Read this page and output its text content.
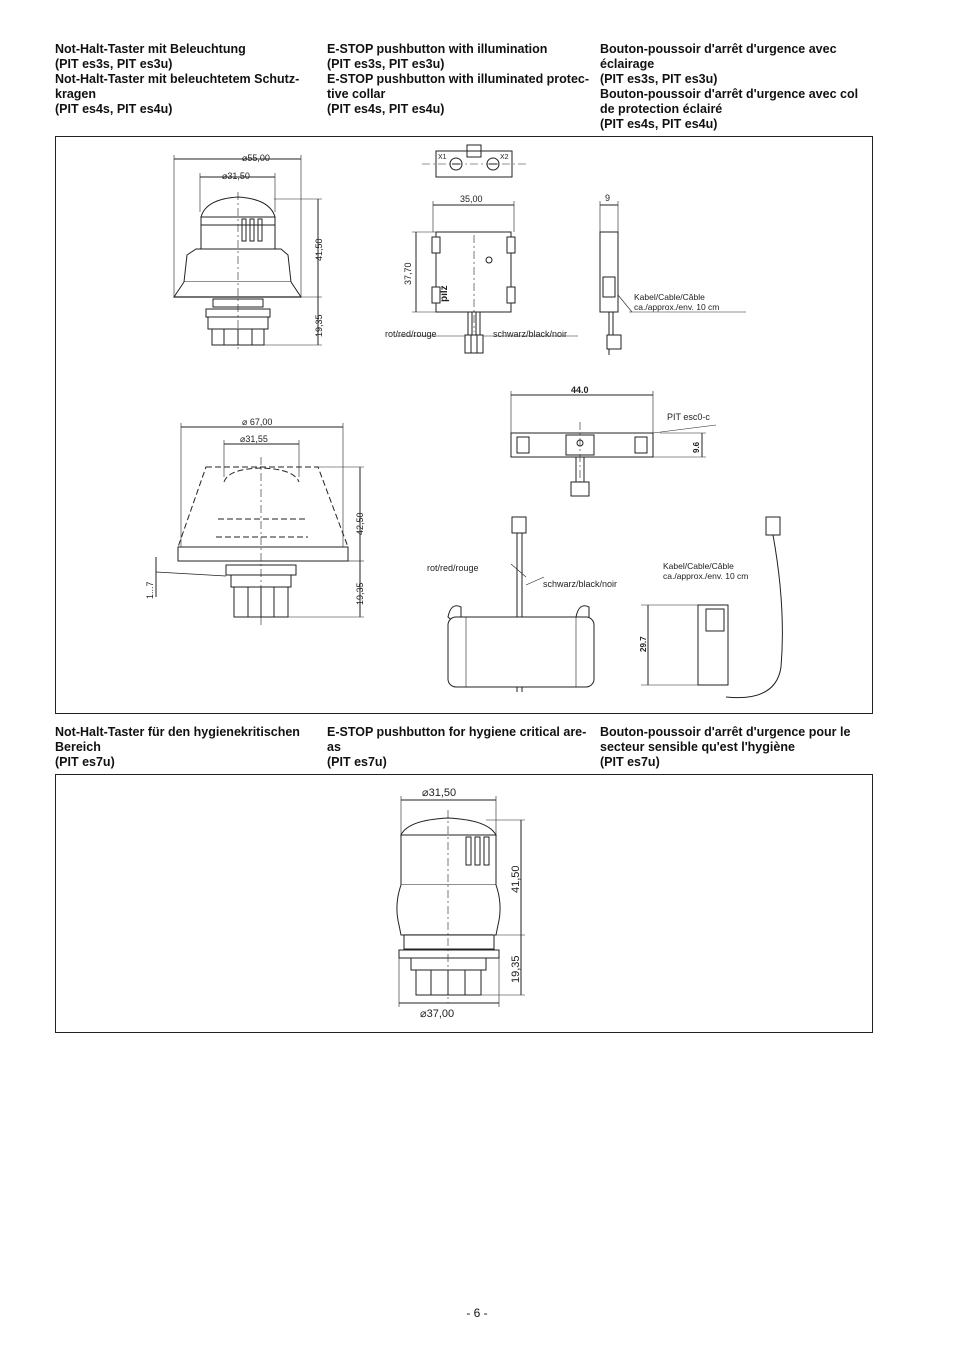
Not-Halt-Taster mit Beleuchtung
(PIT es3s, PIT es3u)
Not-Halt-Taster mit beleuchtetem Schutz-
kragen
(PIT es4s, PIT es4u)
E-STOP pushbutton with illumination
(PIT es3s, PIT es3u)
E-STOP pushbutton with illuminated protec-
tive collar
(PIT es4s, PIT es4u)
Bouton-poussoir d'arrêt d'urgence avec
éclairage
(PIT es3s, PIT es3u)
Bouton-poussoir d'arrêt d'urgence avec col
de protection éclairé
(PIT es4s, PIT es4u)
⌀55,00
⌀31,50
41,50
19,35
X1	X2
35,00
37,70
pilz
rot/red/rouge	schwarz/black/noir
9
Kabel/Cable/Câble
ca./approx./env. 10 cm
⌀ 67,00
⌀31,55
42,50
19,35
1...7
44.0
PIT esc0-c
9.6
rot/red/rouge
schwarz/black/noir
Kabel/Cable/Câble
ca./approx./env. 10 cm
29.7
Not-Halt-Taster für den hygienekritischen
Bereich
(PIT es7u)
E-STOP pushbutton for hygiene critical are-
as
(PIT es7u)
Bouton-poussoir d'arrêt d'urgence pour le
secteur sensible qu'est l'hygiène
(PIT es7u)
⌀31,50
41,50
19,35
⌀37,00
- 6 -
